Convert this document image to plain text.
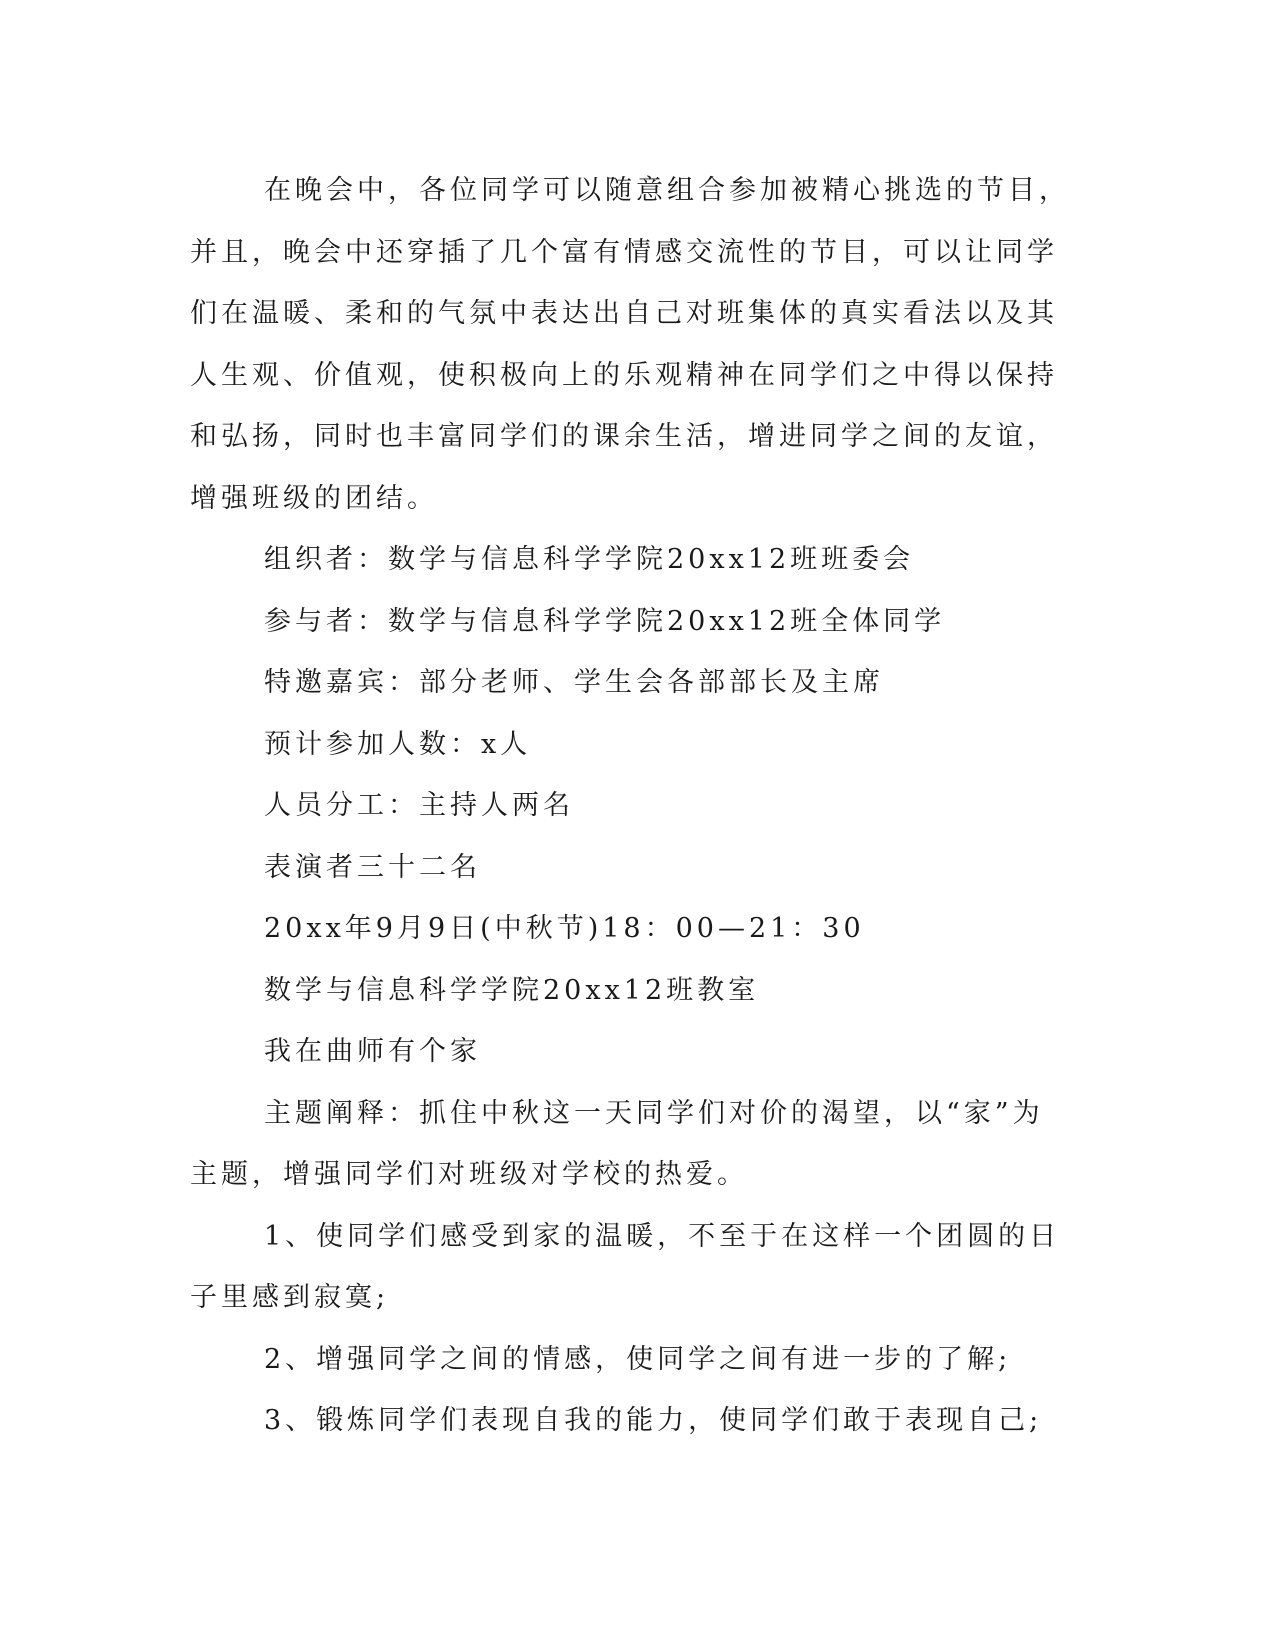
在晚会中，各位同学可以随意组合参加被精心挑选的节目，并且，晚会中还穿插了几个富有情感交流性的节目，可以让同学们在温暖、柔和的气氛中表达出自己对班集体的真实看法以及其人生观、价值观，使积极向上的乐观精神在同学们之中得以保持和弘扬，同时也丰富同学们的课余生活，增进同学之间的友谊，增强班级的团结。

组织者：数学与信息科学学院20xx12班班委会

参与者：数学与信息科学学院20xx12班全体同学

特邀嘉宾：部分老师、学生会各部部长及主席

预计参加人数：x人

人员分工：主持人两名

表演者三十二名

20xx年9月9日(中秋节)18：00—21：30

数学与信息科学学院20xx12班教室

我在曲师有个家

主题阐释：抓住中秋这一天同学们对价的渴望，以“家”为主题，增强同学们对班级对学校的热爱。

1、使同学们感受到家的温暖，不至于在这样一个团圆的日子里感到寂寞;

2、增强同学之间的情感，使同学之间有进一步的了解;

3、锻炼同学们表现自我的能力，使同学们敢于表现自己;
